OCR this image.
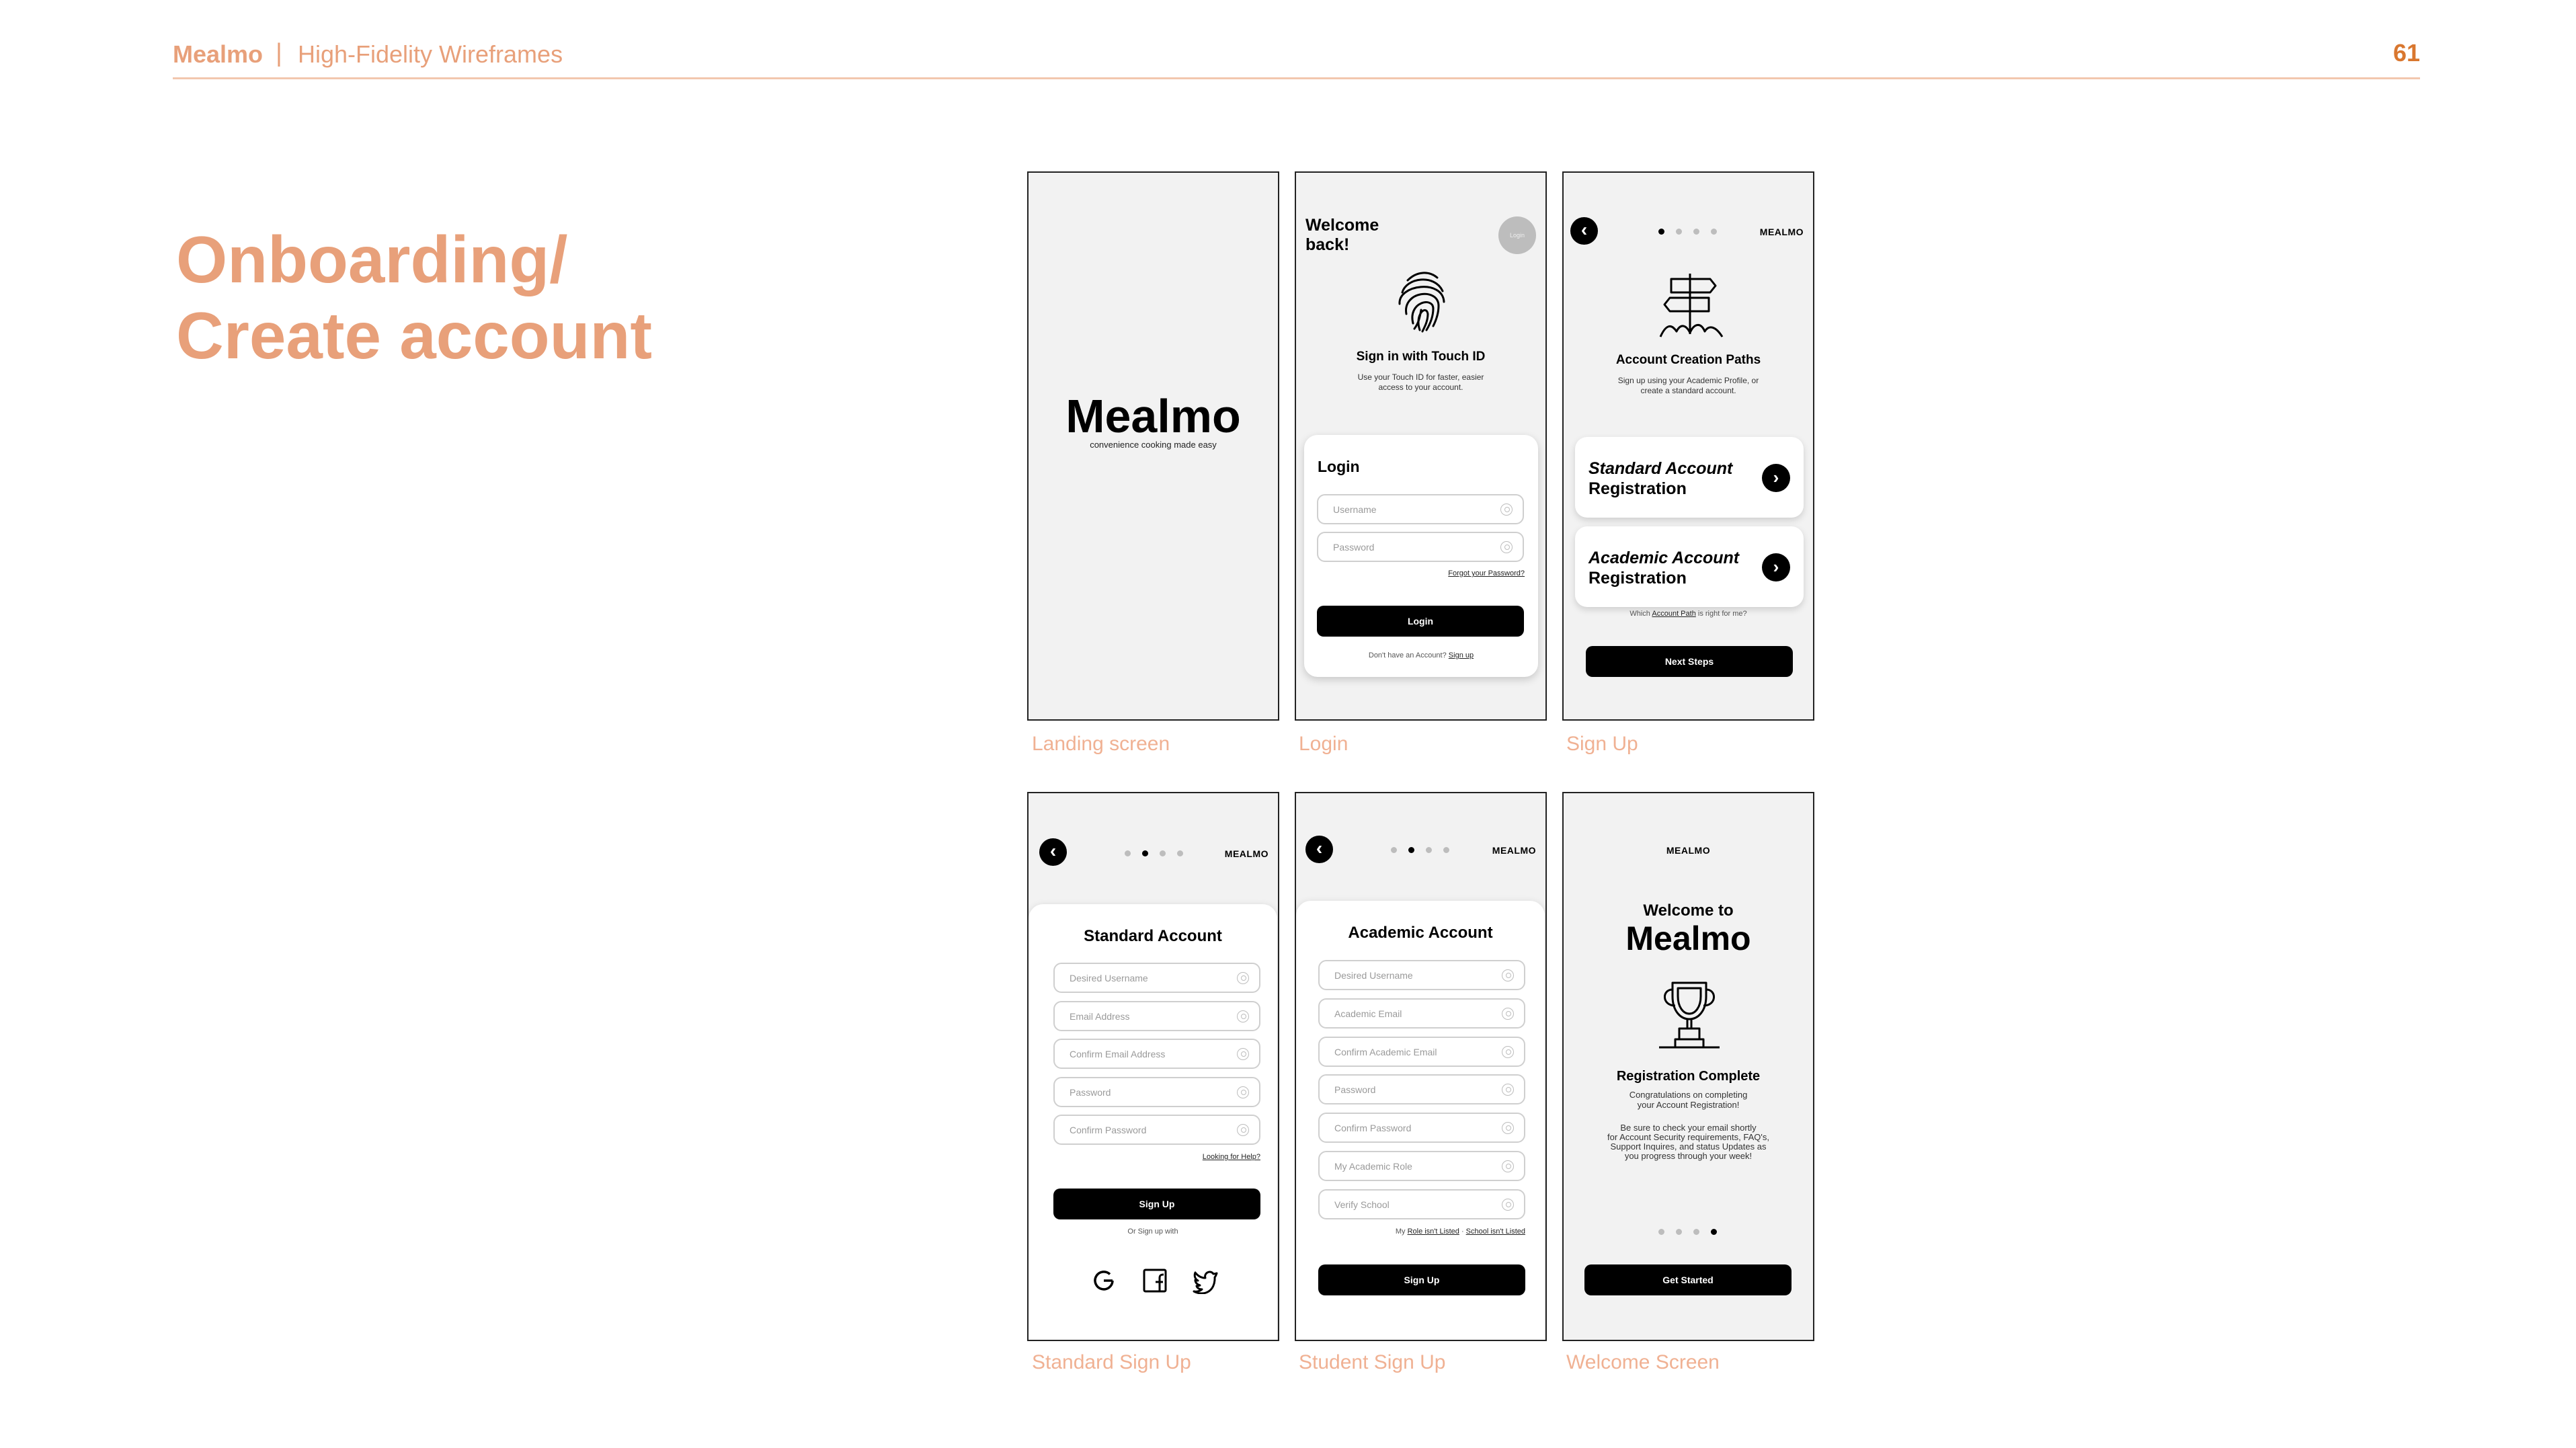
Mealmo | High-Fidelity Wireframes	61
Onboarding/
Create account
Mealmo
convenience cooking made easy
Landing screen
Welcome back!	Login
Sign in with Touch ID
Use your Touch ID for faster, easier
access to your account.
Login
Username
Password
Forgot your Password?
Login
Don't have an Account? Sign up
Login
‹	MEALMO
Account Creation Paths
Sign up using your Academic Profile, or
create a standard account.
Standard Account
Registration
›
Academic Account
Registration
›
Which Account Path is right for me?
Next Steps
Sign Up
‹	MEALMO
Standard Account
Desired Username
Email Address
Confirm Email Address
Password
Confirm Password
Looking for Help?
Sign Up
Or Sign up with
Standard Sign Up
‹	MEALMO
Academic Account
Desired Username
Academic Email
Confirm Academic Email
Password
Confirm Password
My Academic Role
Verify School
My Role isn't Listed · School isn't Listed
Sign Up
Student Sign Up
MEALMO
Welcome to
Mealmo
Registration Complete
Congratulations on completing
your Account Registration!
Be sure to check your email shortly
for Account Security requirements, FAQ's,
Support Inquires, and status Updates as
you progress through your week!
Get Started
Welcome Screen
